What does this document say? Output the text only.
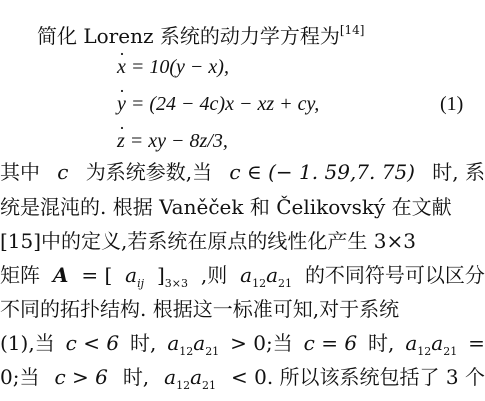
简化 Lorenz 系统的动力学方程为[14]
· x = 10(y − x),
· y = (24 − 4c)x − xz + cy,	(1)
· z = xy − 8z/3,
其中 c 为系统参数,当 c ∈ (− 1. 59,7. 75) 时, 系
统是混沌的. 根据 Vaněček 和 Čelikovský 在文献
[15]中的定义,若系统在原点的线性化产生 3×3
矩阵 A = [ $a_{ij}$ ]$_{3\times 3}$ ,则 $a_{12}a_{21}$ 的不同符号可以区分
不同的拓扑结构. 根据这一标准可知,对于系统
(1),当 c < 6 时, $a_{12}a_{21} > 0$;当 c = 6 时, $a_{12}a_{21}$ =
0;当 c > 6 时, $a_{12}a_{21} < 0$. 所以该系统包括了 3 个
